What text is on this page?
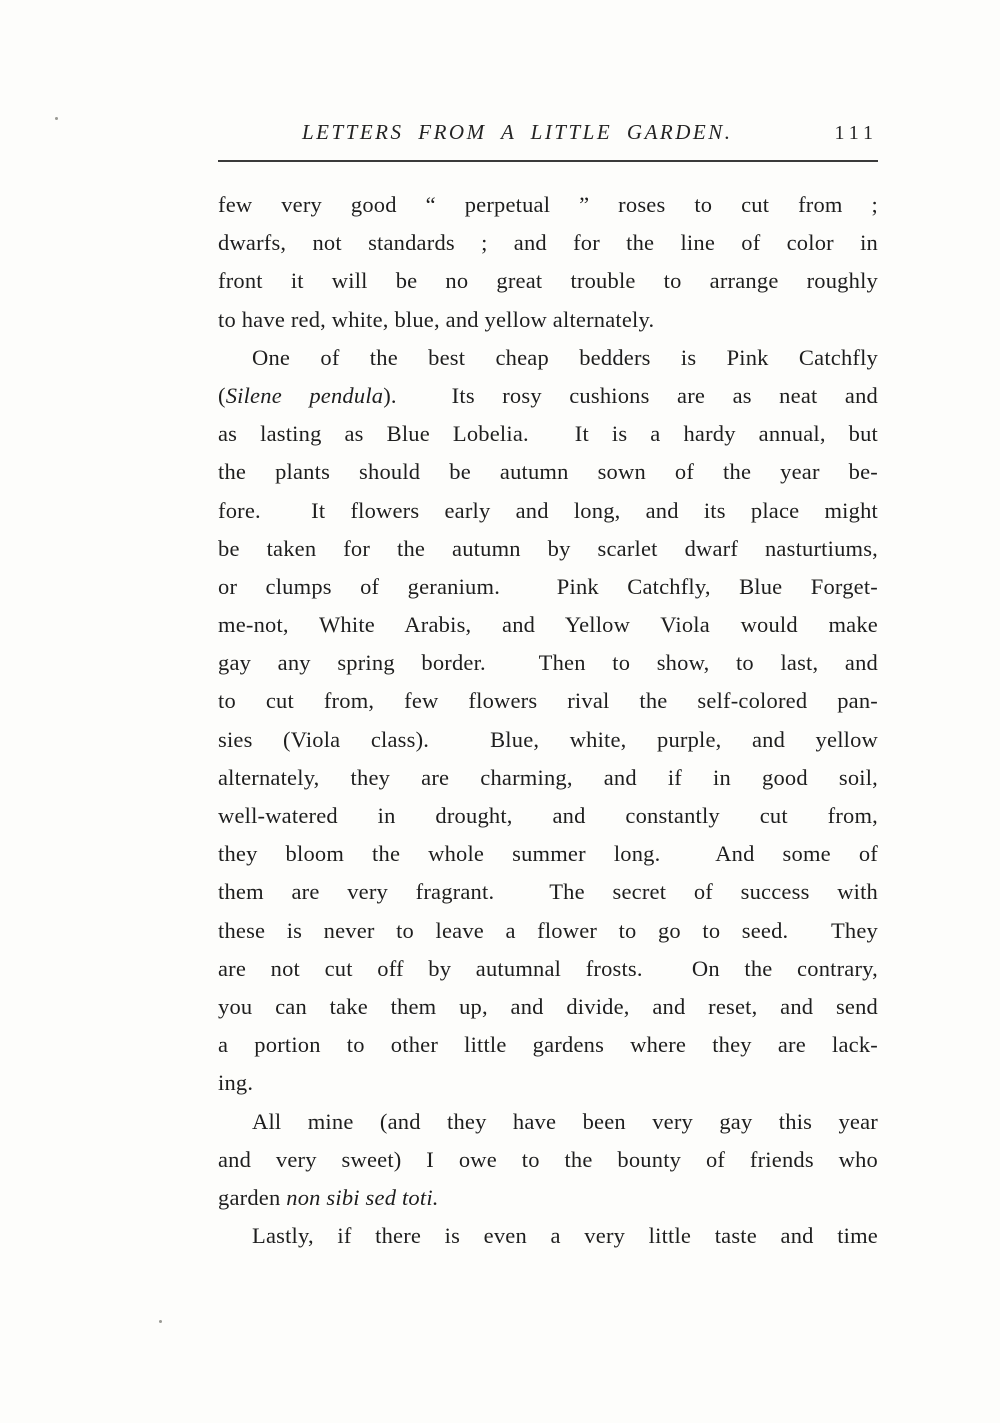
LETTERS FROM A LITTLE GARDEN.	111
few very good “ perpetual ” roses to cut from ;
dwarfs, not standards ; and for the line of color in
front it will be no great trouble to arrange roughly
to have red, white, blue, and yellow alternately.
One of the best cheap bedders is Pink Catchfly
(Silene pendula).  Its rosy cushions are as neat and
as lasting as Blue Lobelia.  It is a hardy annual, but
the plants should be autumn sown of the year be-
fore.  It flowers early and long, and its place might
be taken for the autumn by scarlet dwarf nasturtiums,
or clumps of geranium.  Pink Catchfly, Blue Forget-
me-not, White Arabis, and Yellow Viola would make
gay any spring border.  Then to show, to last, and
to cut from, few flowers rival the self-colored pan-
sies (Viola class).  Blue, white, purple, and yellow
alternately, they are charming, and if in good soil,
well-watered in drought, and constantly cut from,
they bloom the whole summer long.  And some of
them are very fragrant.  The secret of success with
these is never to leave a flower to go to seed.  They
are not cut off by autumnal frosts.  On the contrary,
you can take them up, and divide, and reset, and send
a portion to other little gardens where they are lack-
ing.
All mine (and they have been very gay this year
and very sweet) I owe to the bounty of friends who
garden non sibi sed toti.
Lastly, if there is even a very little taste and time
